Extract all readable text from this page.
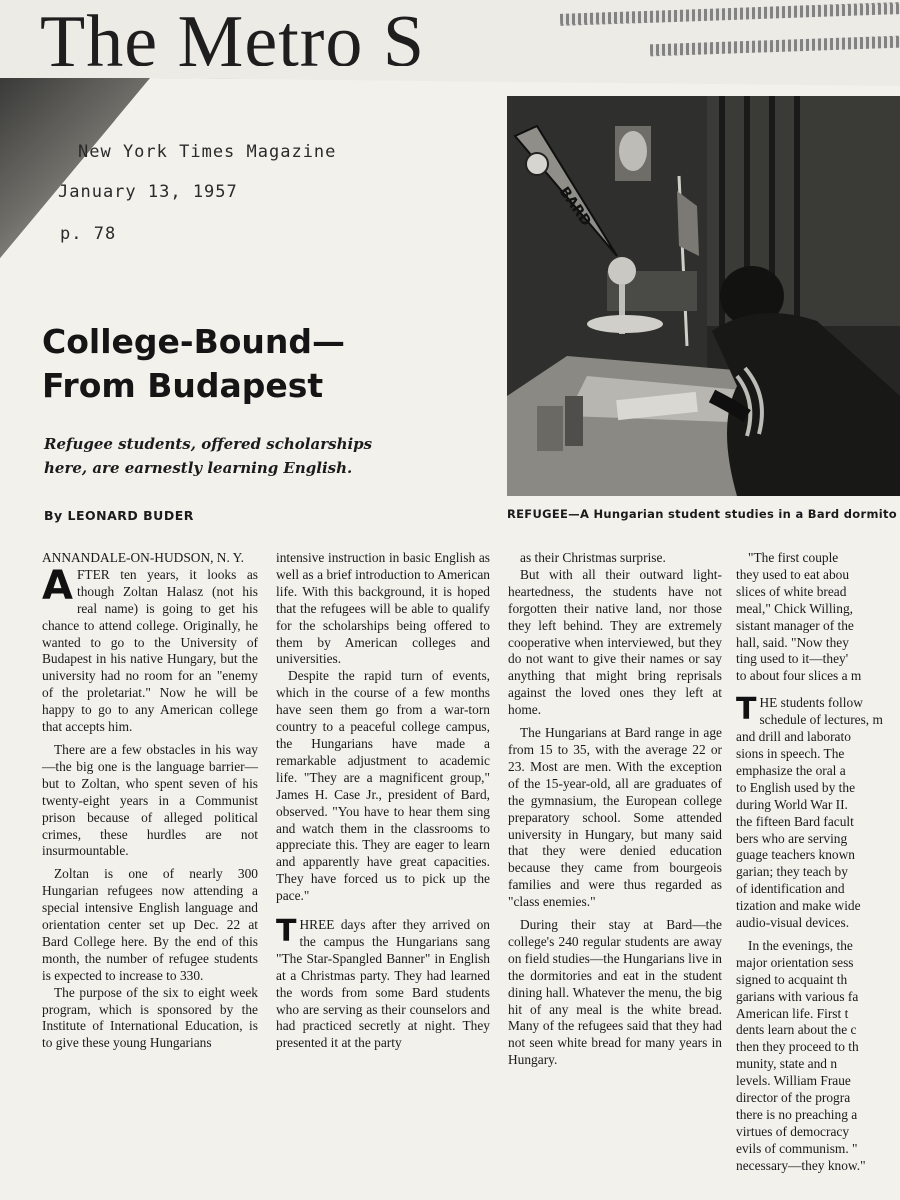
The Metro S
New York Times Magazine
January 13, 1957
p. 78
College-Bound—
From Budapest
Refugee students, offered scholarships
here, are earnestly learning English.
By LEONARD BUDER
BARD
REFUGEE—A Hungarian student studies in a Bard dormito

ANNANDALE-ON-HUDSON, N. Y.

AFTER ten years, it looks as though Zoltan Halasz (not his real name) is going to get his chance to attend college. Originally, he wanted to go to the University of Budapest in his native Hungary, but the university had no room for an "enemy of the proletariat." Now he will be happy to go to any American college that accepts him.

There are a few obstacles in his way—the big one is the language barrier—but to Zoltan, who spent seven of his twenty-eight years in a Communist prison because of alleged political crimes, these hurdles are not insurmountable.

Zoltan is one of nearly 300 Hungarian refugees now attending a special intensive English language and orientation center set up Dec. 22 at Bard College here. By the end of this month, the number of refugee students is expected to increase to 330.

The purpose of the six to eight week program, which is sponsored by the Institute of International Education, is to give these young Hungarians

intensive instruction in basic English as well as a brief introduction to American life. With this background, it is hoped that the refugees will be able to qualify for the scholarships being offered to them by American colleges and universities.

Despite the rapid turn of events, which in the course of a few months have seen them go from a war-torn country to a peaceful college campus, the Hungarians have made a remarkable adjustment to academic life. "They are a magnificent group," James H. Case Jr., president of Bard, observed. "You have to hear them sing and watch them in the classrooms to appreciate this. They are eager to learn and apparently have great capacities. They have forced us to pick up the pace."

THREE days after they arrived on the campus the Hungarians sang "The Star-Spangled Banner" in English at a Christmas party. They had learned the words from some Bard students who are serving as their counselors and had practiced secretly at night. They presented it at the party

as their Christmas surprise.

But with all their outward light-heartedness, the students have not forgotten their native land, nor those they left behind. They are extremely cooperative when interviewed, but they do not want to give their names or say anything that might bring reprisals against the loved ones they left at home.

The Hungarians at Bard range in age from 15 to 35, with the average 22 or 23. Most are men. With the exception of the 15-year-old, all are graduates of the gymnasium, the European college preparatory school. Some attended university in Hungary, but many said that they were denied education because they came from bourgeois families and were thus regarded as "class enemies."

During their stay at Bard—the college's 240 regular students are away on field studies—the Hungarians live in the dormitories and eat in the student dining hall. Whatever the menu, the big hit of any meal is the white bread. Many of the refugees said that they had not seen white bread for many years in Hungary.

"The first couple

they used to eat abou

slices of white bread

meal," Chick Willing,

sistant manager of the

hall, said. "Now they

ting used to it—they'

to about four slices a m

THE students follow

schedule of lectures, m

and drill and laborato

sions in speech. The

emphasize the oral a

to English used by the

during World War II.

the fifteen Bard facult

bers who are serving

guage teachers known

garian; they teach by

of identification and

tization and make wide

audio-visual devices.

In the evenings, the

major orientation sess

signed to acquaint th

garians with various fa

American life. First t

dents learn about the c

then they proceed to th

munity, state and n

levels. William Fraue

director of the progra

there is no preaching a

virtues of democracy

evils of communism. "

necessary—they know."
